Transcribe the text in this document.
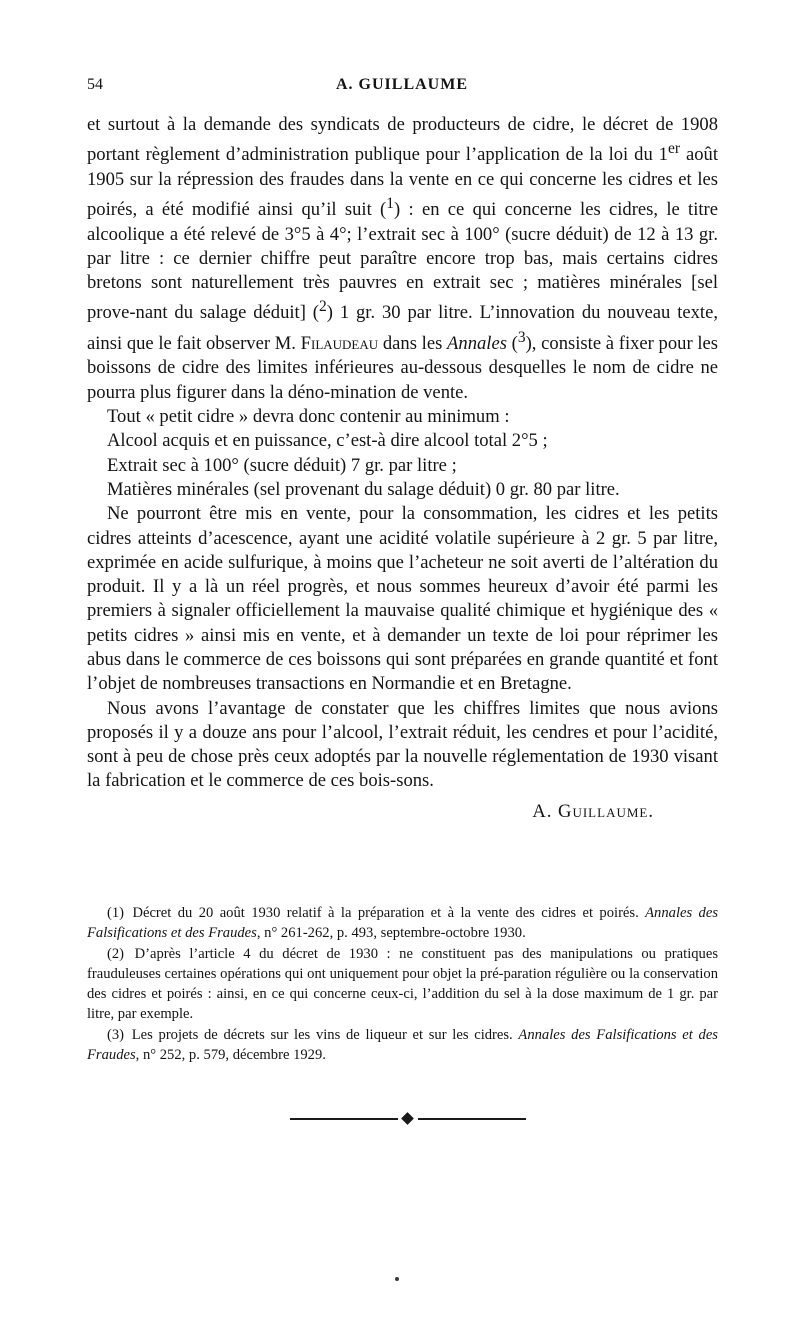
54	A. GUILLAUME

et surtout à la demande des syndicats de producteurs de cidre, le décret de 1908 portant règlement d’administration publique pour l’application de la loi du 1er août 1905 sur la répression des fraudes dans la vente en ce qui concerne les cidres et les poirés, a été modifié ainsi qu’il suit ($^1$) : en ce qui concerne les cidres, le titre alcoolique a été relevé de 3°5 à 4°; l’extrait sec à 100° (sucre déduit) de 12 à 13 gr. par litre : ce dernier chiffre peut paraître encore trop bas, mais certains cidres bretons sont naturellement très pauvres en extrait sec ; matières minérales [sel prove-nant du salage déduit] ($^2$) 1 gr. 30 par litre. L’innovation du nouveau texte, ainsi que le fait observer M. Filaudeau dans les Annales ($^3$), consiste à fixer pour les boissons de cidre des limites inférieures au-dessous desquelles le nom de cidre ne pourra plus figurer dans la déno-mination de vente.

Tout « petit cidre » devra donc contenir au minimum :

Alcool acquis et en puissance, c’est-à dire alcool total 2°5 ;

Extrait sec à 100° (sucre déduit) 7 gr. par litre ;

Matières minérales (sel provenant du salage déduit) 0 gr. 80 par litre.

Ne pourront être mis en vente, pour la consommation, les cidres et les petits cidres atteints d’acescence, ayant une acidité volatile supérieure à 2 gr. 5 par litre, exprimée en acide sulfurique, à moins que l’acheteur ne soit averti de l’altération du produit. Il y a là un réel progrès, et nous sommes heureux d’avoir été parmi les premiers à signaler officiellement la mauvaise qualité chimique et hygiénique des « petits cidres » ainsi mis en vente, et à demander un texte de loi pour réprimer les abus dans le commerce de ces boissons qui sont préparées en grande quantité et font l’objet de nombreuses transactions en Normandie et en Bretagne.

Nous avons l’avantage de constater que les chiffres limites que nous avions proposés il y a douze ans pour l’alcool, l’extrait réduit, les cendres et pour l’acidité, sont à peu de chose près ceux adoptés par la nouvelle réglementation de 1930 visant la fabrication et le commerce de ces bois-sons.

A. Guillaume.

(1) Décret du 20 août 1930 relatif à la préparation et à la vente des cidres et poirés. Annales des Falsifications et des Fraudes, n° 261-262, p. 493, septembre-octobre 1930.

(2) D’après l’article 4 du décret de 1930 : ne constituent pas des manipulations ou pratiques frauduleuses certaines opérations qui ont uniquement pour objet la pré-paration régulière ou la conservation des cidres et poirés : ainsi, en ce qui concerne ceux-ci, l’addition du sel à la dose maximum de 1 gr. par litre, par exemple.

(3) Les projets de décrets sur les vins de liqueur et sur les cidres. Annales des Falsifications et des Fraudes, n° 252, p. 579, décembre 1929.
